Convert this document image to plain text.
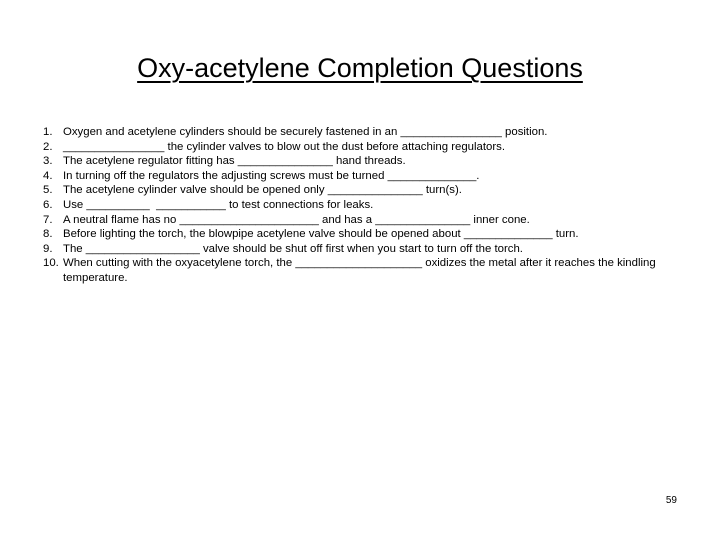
Oxy-acetylene Completion Questions
1. Oxygen and acetylene cylinders should be securely fastened in an ________________ position.
2. ________________ the cylinder valves to blow out the dust before attaching regulators.
3. The acetylene regulator fitting has _______________ hand threads.
4. In turning off the regulators the adjusting screws must be turned ______________.
5. The acetylene cylinder valve should be opened only _______________ turn(s).
6. Use __________  ___________ to test connections for leaks.
7. A neutral flame has no ______________________ and has a _______________ inner cone.
8. Before lighting the torch, the blowpipe acetylene valve should be opened about ______________ turn.
9. The __________________ valve should be shut off first when you start to turn off the torch.
10. When cutting with the oxyacetylene torch, the ____________________ oxidizes the metal after it reaches the kindling temperature.
59
